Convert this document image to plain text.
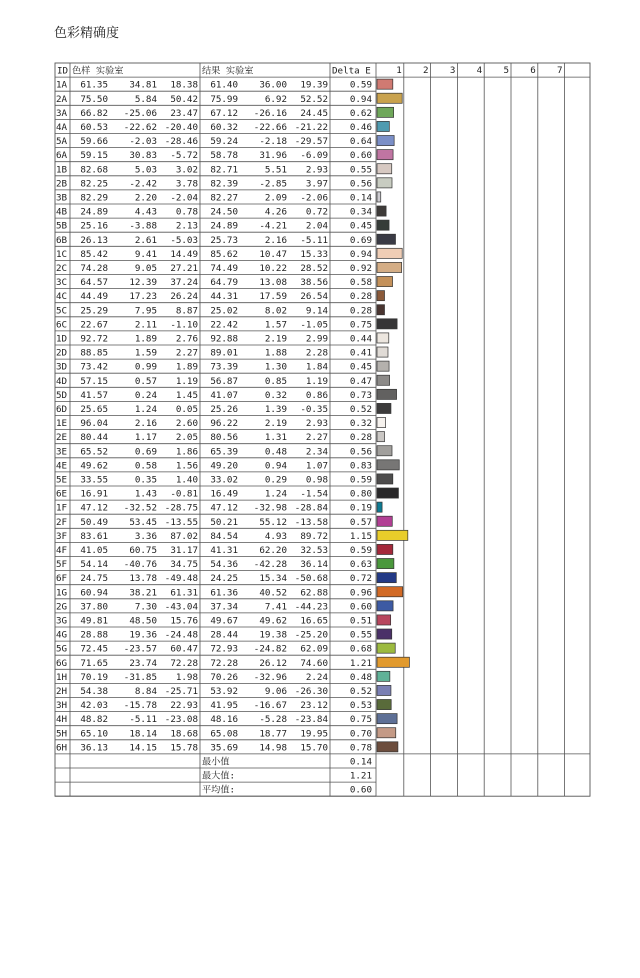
色彩精确度
1 2 3 4 5 6 7
ID 色样 实验室	结果 实验室	Delta E
1A 61.35 34.81 18.38 61.40 36.00 19.39 0.59
2A 75.50	5.84 50.42 75.99	6.92 52.52 0.94
3A 66.82 -25.06 23.47 67.12 -26.16 24.45 0.62
4A 60.53 -22.62 -20.40 60.32 -22.66 -21.22 0.46
5A 59.66 -2.03 -28.46 59.24 -2.18 -29.57 0.64
6A 59.15 30.83 -5.72 58.78 31.96 -6.09 0.60
1B 82.68	5.03 3.02 82.71	5.51 2.93 0.55
2B 82.25 -2.42 3.78 82.39 -2.85 3.97 0.56
3B 82.29	2.20 -2.04 82.27	2.09 -2.06 0.14
4B 24.89	4.43 0.78 24.50	4.26 0.72 0.34
5B 25.16 -3.88 2.13 24.89 -4.21 2.04 0.45
6B 26.13	2.61 -5.03 25.73	2.16 -5.11 0.69
1C 85.42	9.41 14.49 85.62 10.47 15.33 0.94
2C 74.28	9.05 27.21 74.49 10.22 28.52 0.92
3C 64.57 12.39 37.24 64.79 13.08 38.56 0.58
4C 44.49 17.23 26.24 44.31 17.59 26.54 0.28
5C 25.29	7.95 8.87 25.02	8.02 9.14 0.28
6C 22.67	2.11 -1.10 22.42	1.57 -1.05 0.75
1D 92.72	1.89 2.76 92.88	2.19 2.99 0.44
2D 88.85	1.59 2.27 89.01	1.88 2.28 0.41
3D 73.42	0.99 1.89 73.39	1.30 1.84 0.45
4D 57.15	0.57 1.19 56.87	0.85 1.19 0.47
5D 41.57	0.24 1.45 41.07	0.32 0.86 0.73
6D 25.65	1.24 0.05 25.26	1.39 -0.35 0.52
1E 96.04	2.16 2.60 96.22	2.19 2.93 0.32
2E 80.44	1.17 2.05 80.56	1.31 2.27 0.28
3E 65.52	0.69 1.86 65.39	0.48 2.34 0.56
4E 49.62	0.58 1.56 49.20	0.94 1.07 0.83
5E 33.55	0.35 1.40 33.02	0.29 0.98 0.59
6E 16.91	1.43 -0.81 16.49	1.24 -1.54 0.80
1F 47.12 -32.52 -28.75 47.12 -32.98 -28.84 0.19
2F 50.49 53.45 -13.55 50.21 55.12 -13.58 0.57
3F 83.61	3.36 87.02 84.54	4.93 89.72 1.15
4F 41.05 60.75 31.17 41.31 62.20 32.53 0.59
5F 54.14 -40.76 34.75 54.36 -42.28 36.14 0.63
6F 24.75 13.78 -49.48 24.25 15.34 -50.68 0.72
1G 60.94 38.21 61.31 61.36 40.52 62.88 0.96
2G 37.80	7.30 -43.04 37.34	7.41 -44.23 0.60
3G 49.81 48.50 15.76 49.67 49.62 16.65 0.51
4G 28.88 19.36 -24.48 28.44 19.38 -25.20 0.55
5G 72.45 -23.57 60.47 72.93 -24.82 62.09 0.68
6G 71.65 23.74 72.28 72.28 26.12 74.60 1.21
1H 70.19 -31.85 1.98 70.26 -32.96 2.24 0.48
2H 54.38	8.84 -25.71 53.92	9.06 -26.30 0.52
3H 42.03 -15.78 22.93 41.95 -16.67 23.12 0.53
4H 48.82 -5.11 -23.08 48.16 -5.28 -23.84 0.75
5H 65.10 18.14 18.68 65.08 18.77 19.95 0.70
6H 36.13 14.15 15.78 35.69 14.98 15.70 0.78
最小值	0.14
最大值:	1.21
平均值:	0.60
